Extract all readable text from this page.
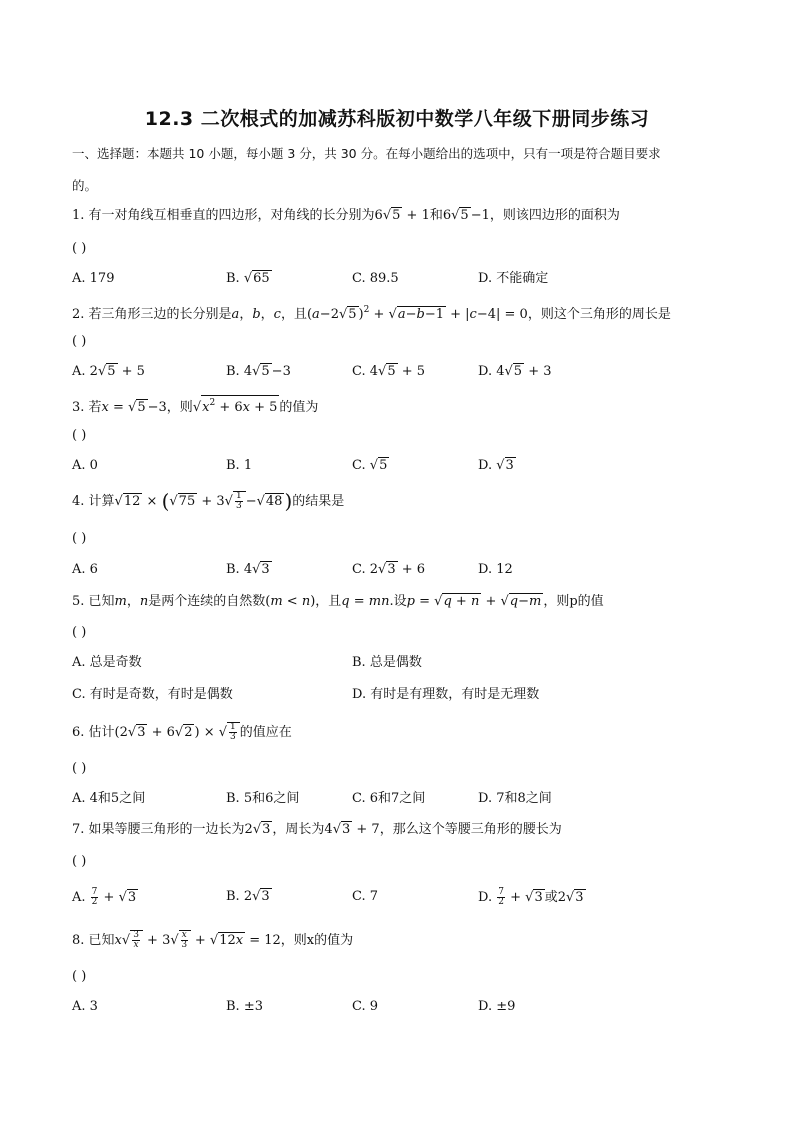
12.3 二次根式的加减苏科版初中数学八年级下册同步练习
一、选择题：本题共 10 小题，每小题 3 分，共 30 分。在每小题给出的选项中，只有一项是符合题目要求
的。
1. 有一对角线互相垂直的四边形，对角线的长分别为6√ 5 + 1和6√ 5 −1，则该四边形的面积为
( )
A. 179	B. √ 65	C. 89.5	D. 不能确定
2. 若三角形三边的长分别是a，b，c，且(a−2√ 5 )$^2$ + √ a−b−1 + |c−4| = 0，则这个三角形的周长是
( )
A. 2√ 5 + 5	B. 4√ 5 −3	C. 4√ 5 + 5	D. 4√ 5 + 3
3. 若x = √ 5 −3，则√ $x^2 + 6x + 5$ 的值为
( )
A. 0	B. 1	C. √ 5	D. √ 3
4. 计算√ 12 × (√ $75 + 3√ \frac{1}{3}$ −√ 48 )的结果是
( )
A. 6	B. 4√ 3	C. 2√ 3 + 6	D. 12
5. 已知m，n是两个连续的自然数(m < n)，且q = mn.设p = √ q + n + √ q−m ，则p的值
( )
A. 总是奇数	B. 总是偶数
C. 有时是奇数，有时是偶数	D. 有时是有理数，有时是无理数
6. 估计(2√ 3 + 6√ 2 ) × √ $\frac{1}{3}$ 的值应在
( )
A. 4和5之间	B. 5和6之间	C. 6和7之间	D. 7和8之间
7. 如果等腰三角形的一边长为2√ 3 ，周长为4√ 3 + 7，那么这个等腰三角形的腰长为
( )
A. $\frac{7}{2}$ + √ 3	B. 2√ 3	C. 7	D. $\frac{7}{2}$ + √ 3 或2√ 3
8. 已知$x√ \frac{3}{x} + 3√ \frac{x}{3}$ + √ 12x = 12，则x的值为
( )
A. 3	B. ±3	C. 9	D. ±9
